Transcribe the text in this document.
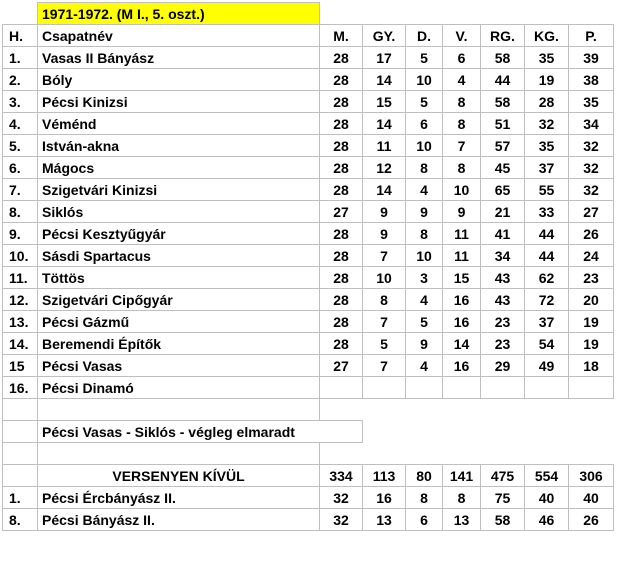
	1971-1972. (M I., 5. oszt.)							
H.	Csapatnév	M.	GY.	D.	V.	RG.	KG.	P.
1.	Vasas II Bányász	28	17	5	6	58	35	39
2.	Bóly	28	14	10	4	44	19	38
3.	Pécsi Kinizsi	28	15	5	8	58	28	35
4.	Véménd	28	14	6	8	51	32	34
5.	István-akna	28	11	10	7	57	35	32
6.	Mágocs	28	12	8	8	45	37	32
7.	Szigetvári Kinizsi	28	14	4	10	65	55	32
8.	Siklós	27	9	9	9	21	33	27
9.	Pécsi Kesztyűgyár	28	9	8	11	41	44	26
10.	Sásdi Spartacus	28	7	10	11	34	44	24
11.	Töttös	28	10	3	15	43	62	23
12.	Szigetvári Cipőgyár	28	8	4	16	43	72	20
13.	Pécsi Gázmű	28	7	5	16	23	37	19
14.	Beremendi Építők	28	5	9	14	23	54	19
15	Pécsi Vasas	27	7	4	16	29	49	18
16.	Pécsi Dinamó							

	Pécsi Vasas - Siklós - végleg elmaradt							

	VERSENYEN KÍVÜL	334	113	80	141	475	554	306
1.	Pécsi Ércbányász II.	32	16	8	8	75	40	40
8.	Pécsi Bányász II.	32	13	6	13	58	46	26
